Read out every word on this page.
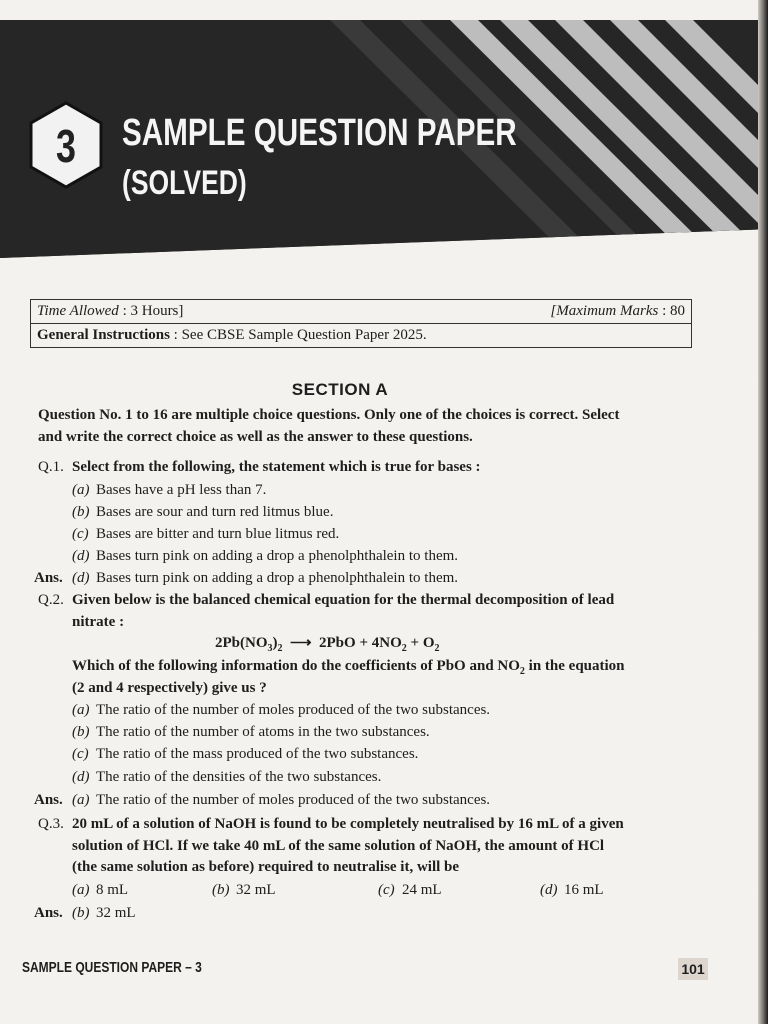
3	SAMPLE QUESTION PAPER
(SOLVED)
Time Allowed : 3 Hours]	[Maximum Marks : 80
General Instructions
: See CBSE Sample Question Paper 2025.
SECTION A
Question No. 1 to 16 are multiple choice questions. Only one of the choices is correct. Select
and write the correct choice as well as the answer to these questions.
Q.1. Select from the following, the statement which is true for bases :
(a) Bases have a pH less than 7.
(b) Bases are sour and turn red litmus blue.
(c) Bases are bitter and turn blue litmus red.
(d) Bases turn pink on adding a drop a phenolphthalein to them.
Ans. (d) Bases turn pink on adding a drop a phenolphthalein to them.
Q.2. Given below is the balanced chemical equation for the thermal decomposition of lead
nitrate :
$2Pb(NO_3)_2$ ⟶ $2PbO + 4NO_2 + O_2$
Which of the following information do the coefficients of PbO and $NO_2$ in the equation
(2 and 4 respectively) give us ?
(a) The ratio of the number of moles produced of the two substances.
(b) The ratio of the number of atoms in the two substances.
(c) The ratio of the mass produced of the two substances.
(d) The ratio of the densities of the two substances.
Ans. (a) The ratio of the number of moles produced of the two substances.
Q.3. 20 mL of a solution of NaOH is found to be completely neutralised by 16 mL of a given
solution of HCl. If we take 40 mL of the same solution of NaOH, the amount of HCl
(the same solution as before) required to neutralise it, will be
(a) 8 mL	(b) 32 mL	(c) 24 mL	(d) 16 mL
Ans. (b) 32 mL
SAMPLE QUESTION PAPER – 3	101
